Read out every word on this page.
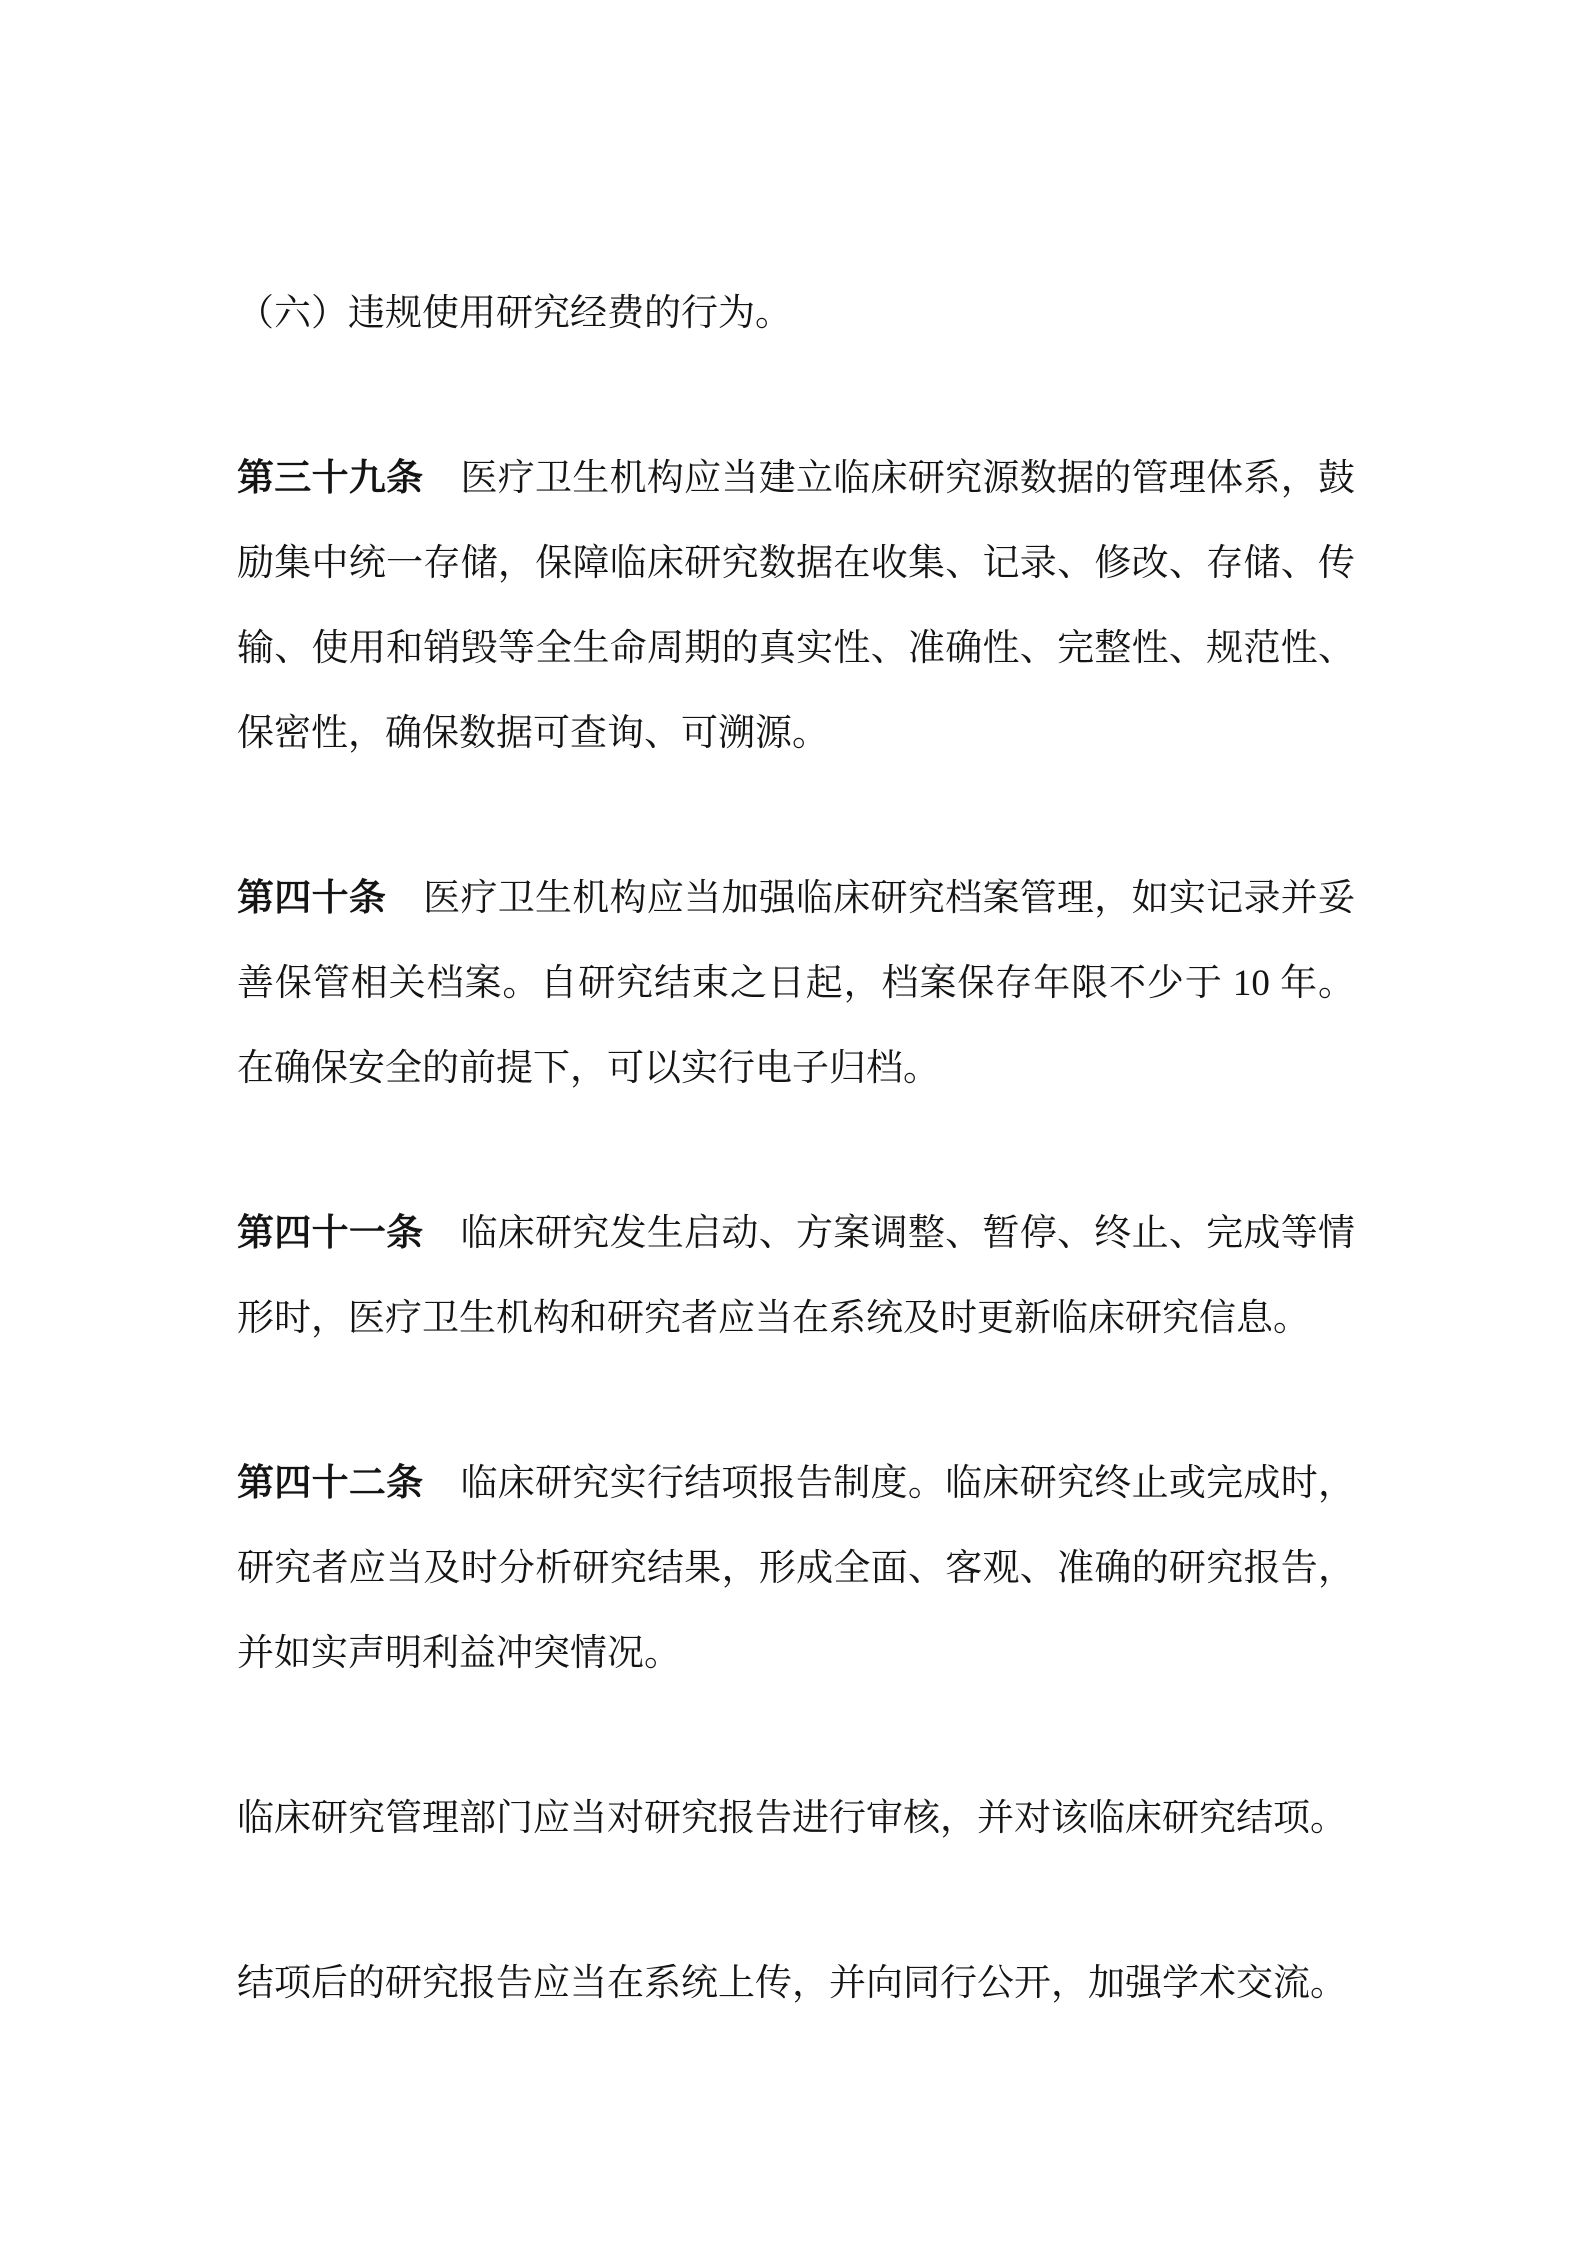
（六）违规使用研究经费的行为。

第三十九条 医疗卫生机构应当建立临床研究源数据的管理体系，鼓励集中统一存储，保障临床研究数据在收集、记录、修改、存储、传输、使用和销毁等全生命周期的真实性、准确性、完整性、规范性、保密性，确保数据可查询、可溯源。

第四十条 医疗卫生机构应当加强临床研究档案管理，如实记录并妥善保管相关档案。自研究结束之日起，档案保存年限不少于 10 年。在确保安全的前提下，可以实行电子归档。

第四十一条 临床研究发生启动、方案调整、暂停、终止、完成等情形时，医疗卫生机构和研究者应当在系统及时更新临床研究信息。

第四十二条 临床研究实行结项报告制度。临床研究终止或完成时，研究者应当及时分析研究结果，形成全面、客观、准确的研究报告，并如实声明利益冲突情况。

临床研究管理部门应当对研究报告进行审核，并对该临床研究结项。

结项后的研究报告应当在系统上传，并向同行公开，加强学术交流。
